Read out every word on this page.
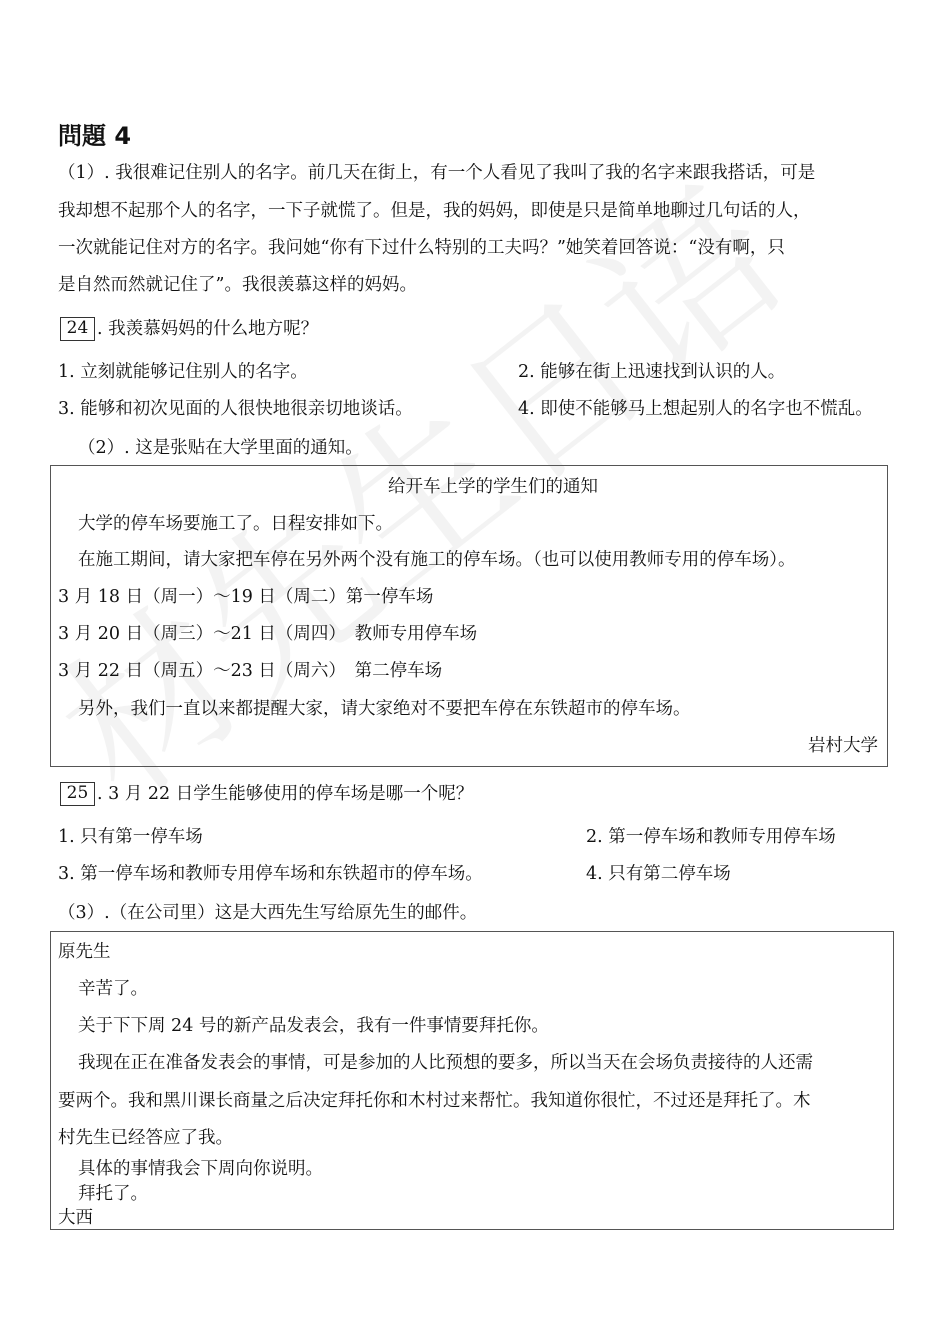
問題 4
（1）. 我很难记住别人的名字。前几天在街上，有一个人看见了我叫了我的名字来跟我搭话，可是
我却想不起那个人的名字，一下子就慌了。但是，我的妈妈，即使是只是简单地聊过几句话的人，
一次就能记住对方的名字。我问她“你有下过什么特别的工夫吗？”她笑着回答说：“没有啊，只
是自然而然就记住了”。我很羡慕这样的妈妈。
24 . 我羡慕妈妈的什么地方呢？
1. 立刻就能够记住别人的名字。	2. 能够在街上迅速找到认识的人。
3. 能够和初次见面的人很快地很亲切地谈话。	4. 即使不能够马上想起别人的名字也不慌乱。
（2）. 这是张贴在大学里面的通知。
给开车上学的学生们的通知
大学的停车场要施工了。日程安排如下。
在施工期间，请大家把车停在另外两个没有施工的停车场。（也可以使用教师专用的停车场）。
3 月 18 日（周一）～19 日（周二）第一停车场
3 月 20 日（周三）～21 日（周四）　教师专用停车场
3 月 22 日（周五）～23 日（周六）　第二停车场
另外，我们一直以来都提醒大家，请大家绝对不要把车停在东铁超市的停车场。
岩村大学
25 . 3 月 22 日学生能够使用的停车场是哪一个呢？
1. 只有第一停车场	2. 第一停车场和教师专用停车场
3. 第一停车场和教师专用停车场和东铁超市的停车场。	4. 只有第二停车场
（3）.（在公司里）这是大西先生写给原先生的邮件。
原先生
辛苦了。
关于下下周 24 号的新产品发表会，我有一件事情要拜托你。
我现在正在准备发表会的事情，可是参加的人比预想的要多，所以当天在会场负责接待的人还需
要两个。我和黑川课长商量之后决定拜托你和木村过来帮忙。我知道你很忙，不过还是拜托了。木
村先生已经答应了我。
具体的事情我会下周向你说明。
拜托了。
大西
